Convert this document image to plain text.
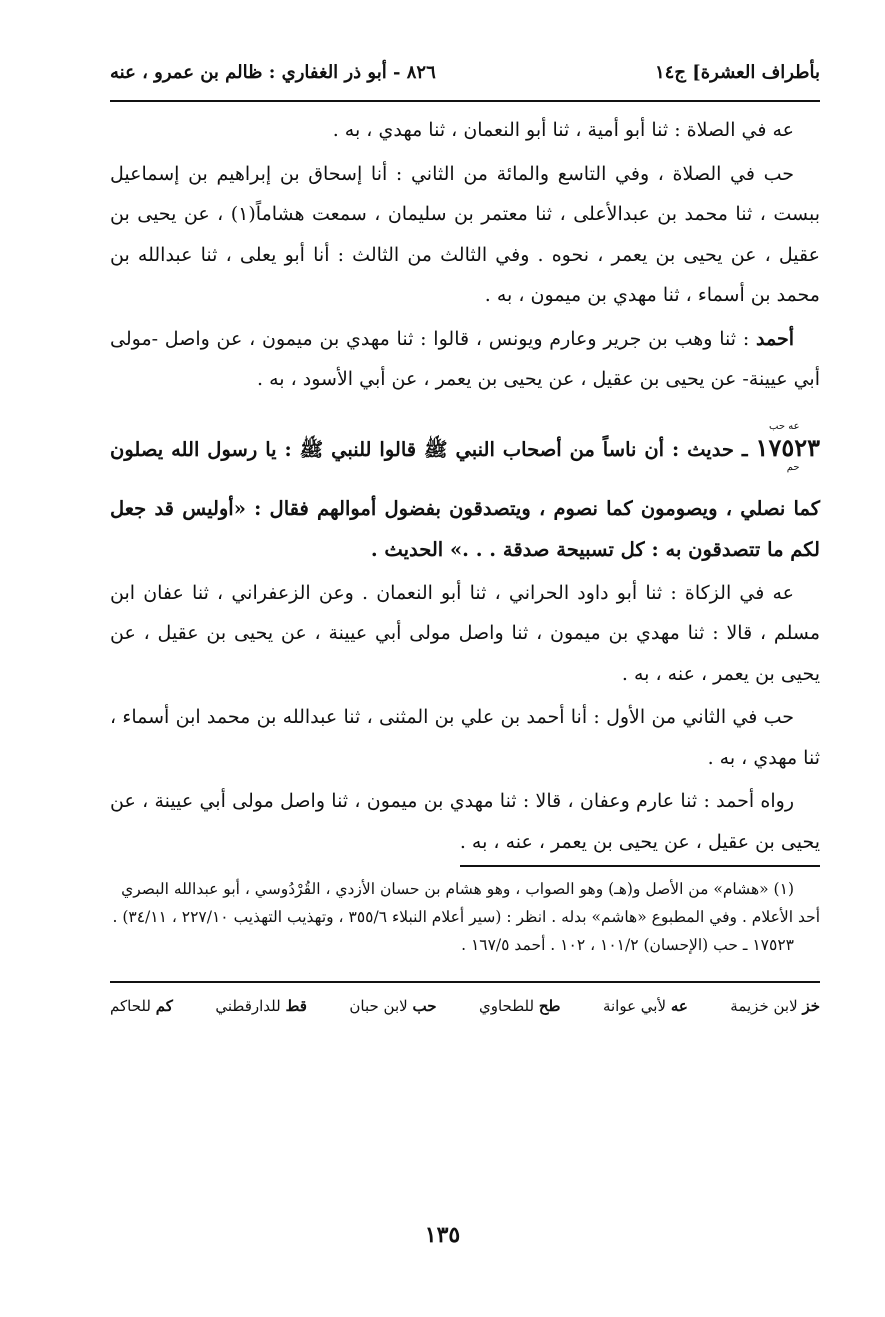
بأطراف العشرة] ج١٤
٨٢٦ - أبو ذر الغفاري : ظالم بن عمرو ، عنه

عه في الصلاة : ثنا أبو أمية ، ثنا أبو النعمان ، ثنا مهدي ، به .

حب في الصلاة ، وفي التاسع والمائة من الثاني : أنا إسحاق بن إبراهيم بن إسماعيل ببست ، ثنا محمد بن عبدالأعلى ، ثنا معتمر بن سليمان ، سمعت هشاماً(١) ، عن يحيى بن عقيل ، عن يحيى بن يعمر ، نحوه . وفي الثالث من الثالث : أنا أبو يعلى ، ثنا عبدالله بن محمد بن أسماء ، ثنا مهدي بن ميمون ، به .

أحمد : ثنا وهب بن جرير وعارم ويونس ، قالوا : ثنا مهدي بن ميمون ، عن واصل -مولى أبي عيينة- عن يحيى بن عقيل ، عن يحيى بن يعمر ، عن أبي الأسود ، به .

١٧٥٢٣عه حب حم ـ حديث : أن ناساً من أصحاب النبي ﷺ قالوا للنبي ﷺ : يا رسول الله يصلون كما نصلي ، ويصومون كما نصوم ، ويتصدقون بفضول أموالهم فقال : «أوليس قد جعل لكم ما تتصدقون به : كل تسبيحة صدقة . . .» الحديث .

عه في الزكاة : ثنا أبو داود الحراني ، ثنا أبو النعمان . وعن الزعفراني ، ثنا عفان ابن مسلم ، قالا : ثنا مهدي بن ميمون ، ثنا واصل مولى أبي عيينة ، عن يحيى بن عقيل ، عن يحيى بن يعمر ، عنه ، به .

حب في الثاني من الأول : أنا أحمد بن علي بن المثنى ، ثنا عبدالله بن محمد ابن أسماء ، ثنا مهدي ، به .

رواه أحمد : ثنا عارم وعفان ، قالا : ثنا مهدي بن ميمون ، ثنا واصل مولى أبي عيينة ، عن يحيى بن عقيل ، عن يحيى بن يعمر ، عنه ، به .

(١) «هشام» من الأصل و(هـ) وهو الصواب ، وهو هشام بن حسان الأزدي ، القُرْدُوسي ، أبو عبدالله البصري أحد الأعلام . وفي المطبوع «هاشم» بدله . انظر : (سير أعلام النبلاء ٣٥٥/٦ ، وتهذيب التهذيب ٢٢٧/١٠ ، ٣٤/١١) .

١٧٥٢٣ ـ حب (الإحسان) ١٠١/٢ ، ١٠٢ . أحمد ١٦٧/٥ .

خز لابن خزيمة
عه لأبي عوانة
طح للطحاوي
حب لابن حبان
قط للدارقطني
كم للحاكم
١٣٥
